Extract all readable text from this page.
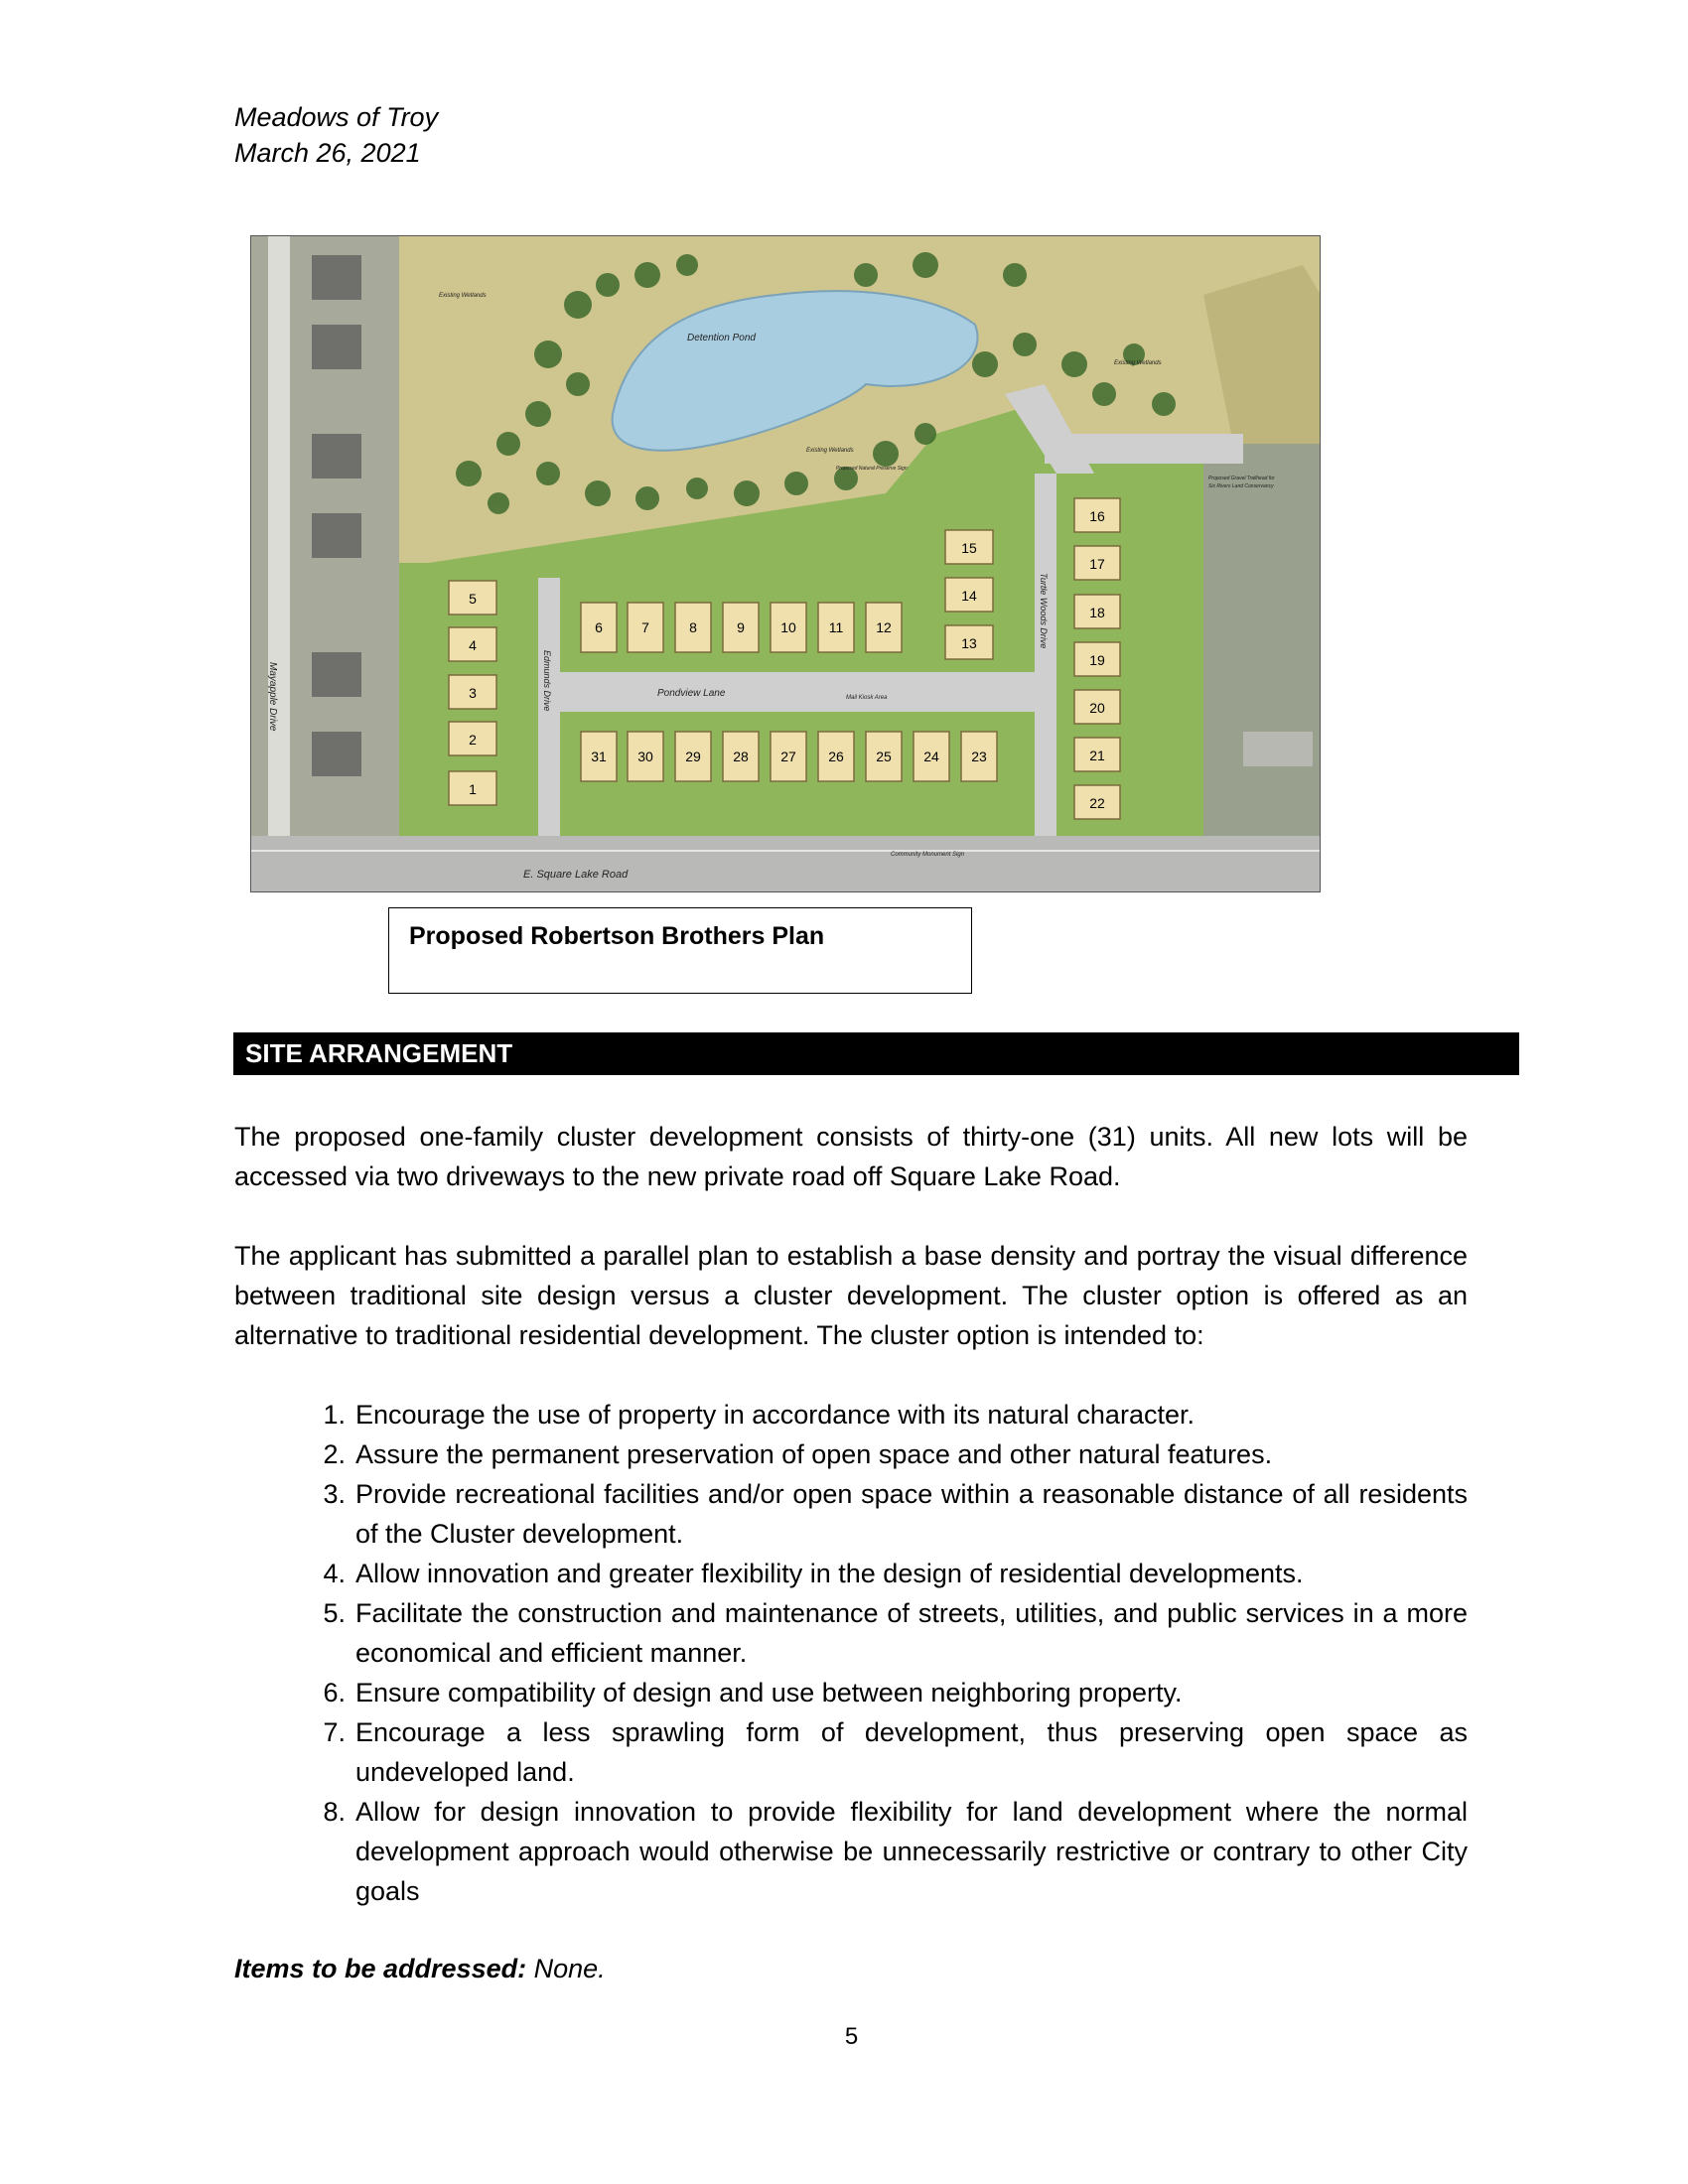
Meadows of Troy
March 26, 2021
5
4
3
2
1
6	7	8	9	10 11 12
31 30 29 28 27 26 25 24 23
15
14
13
16
17
18
19
20
21
22
Detention Pond
Existing Wetlands
Existing Wetlands
Existing Wetlands
Proposed Natural Preserve Sign
Proposed Gravel Trailhead for
Six Rivers Land Conservancy
Pondview Lane	Mail Kiosk Area
Community Monument Sign
E. Square Lake Road
Mayapple Drive	Edmunds Drive
Turtle Woods Drive
Proposed Robertson Brothers Plan
SITE ARRANGEMENT

The proposed one-family cluster development consists of thirty-one (31) units. All new lots will be accessed via two driveways to the new private road off Square Lake Road.

The applicant has submitted a parallel plan to establish a base density and portray the visual difference between traditional site design versus a cluster development. The cluster option is offered as an alternative to traditional residential development. The cluster option is intended to:

1. Encourage the use of property in accordance with its natural character.
2. Assure the permanent preservation of open space and other natural features.
3. Provide recreational facilities and/or open space within a reasonable distance of all residents of the Cluster development.
4. Allow innovation and greater flexibility in the design of residential developments.
5. Facilitate the construction and maintenance of streets, utilities, and public services in a more economical and efficient manner.
6. Ensure compatibility of design and use between neighboring property.
7. Encourage a less sprawling form of development, thus preserving open space as undeveloped land.
8. Allow for design innovation to provide flexibility for land development where the normal development approach would otherwise be unnecessarily restrictive or contrary to other City goals
Items to be addressed: None.
5
